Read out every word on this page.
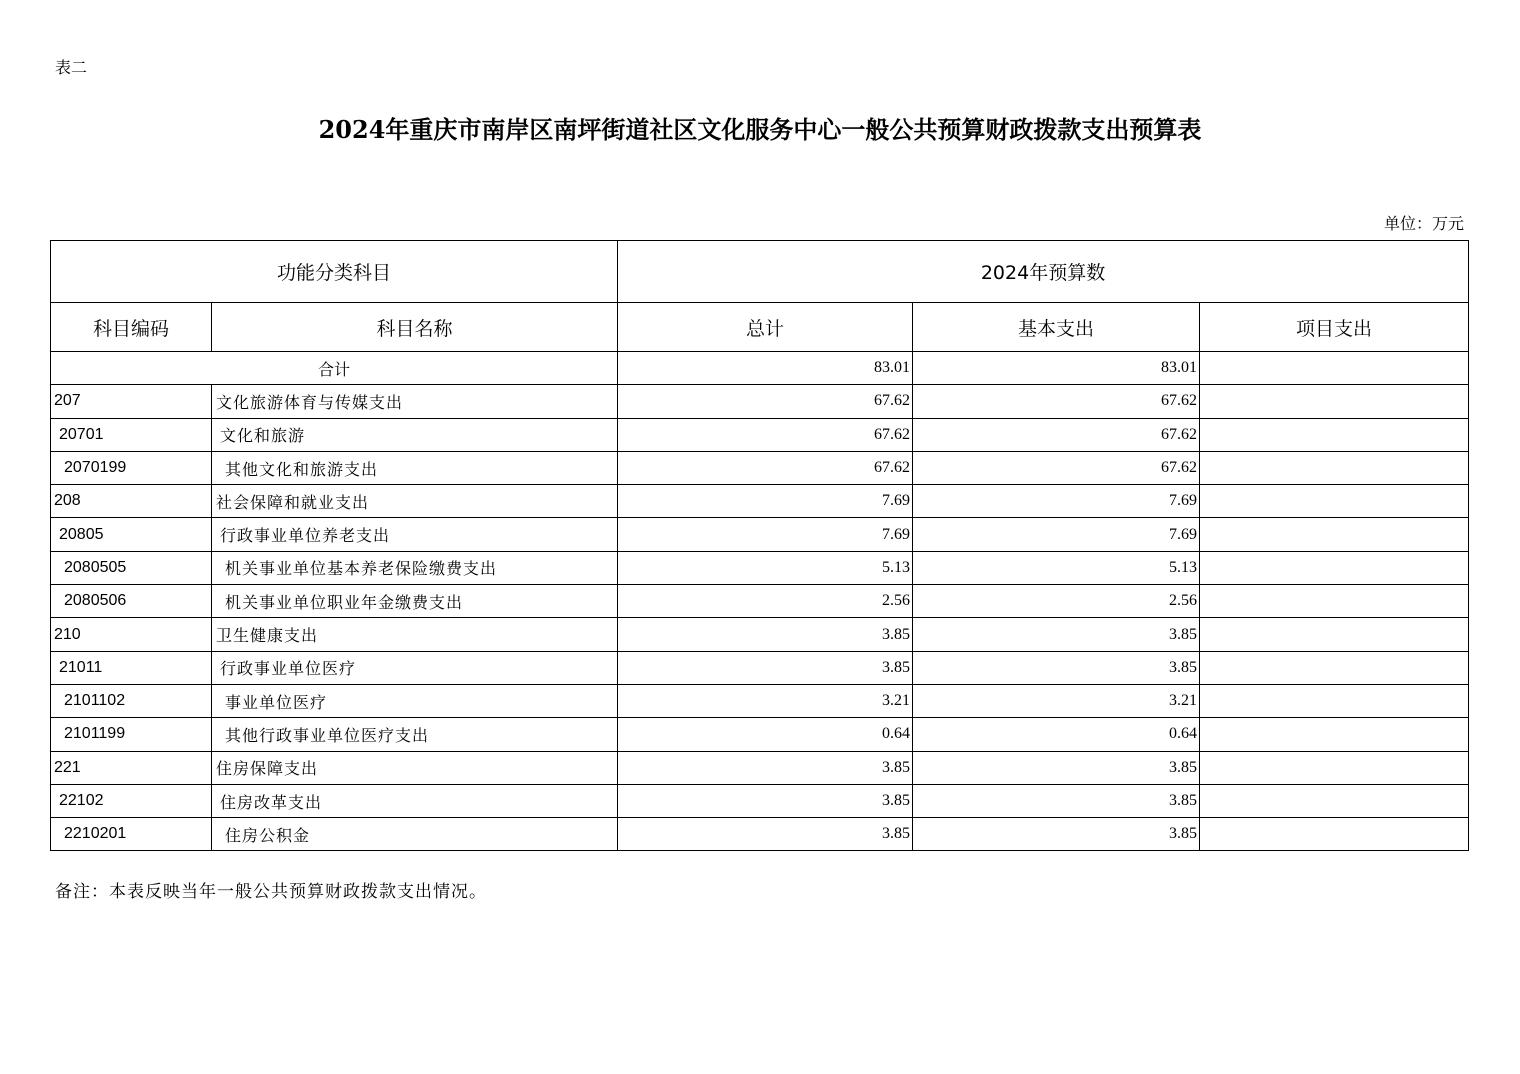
表二
2024年重庆市南岸区南坪街道社区文化服务中心一般公共预算财政拨款支出预算表
单位：万元
功能分类科目		2024年预算数		
科目编码	科目名称	总计	基本支出	项目支出
合计		83.01	83.01	
207	文化旅游体育与传媒支出	67.62	67.62	
20701	文化和旅游	67.62	67.62	
2070199	其他文化和旅游支出	67.62	67.62	
208	社会保障和就业支出	7.69	7.69	
20805	行政事业单位养老支出	7.69	7.69	
2080505	机关事业单位基本养老保险缴费支出	5.13	5.13	
2080506	机关事业单位职业年金缴费支出	2.56	2.56	
210	卫生健康支出	3.85	3.85	
21011	行政事业单位医疗	3.85	3.85	
2101102	事业单位医疗	3.21	3.21	
2101199	其他行政事业单位医疗支出	0.64	0.64	
221	住房保障支出	3.85	3.85	
22102	住房改革支出	3.85	3.85	
2210201	住房公积金	3.85	3.85	
备注：本表反映当年一般公共预算财政拨款支出情况。
